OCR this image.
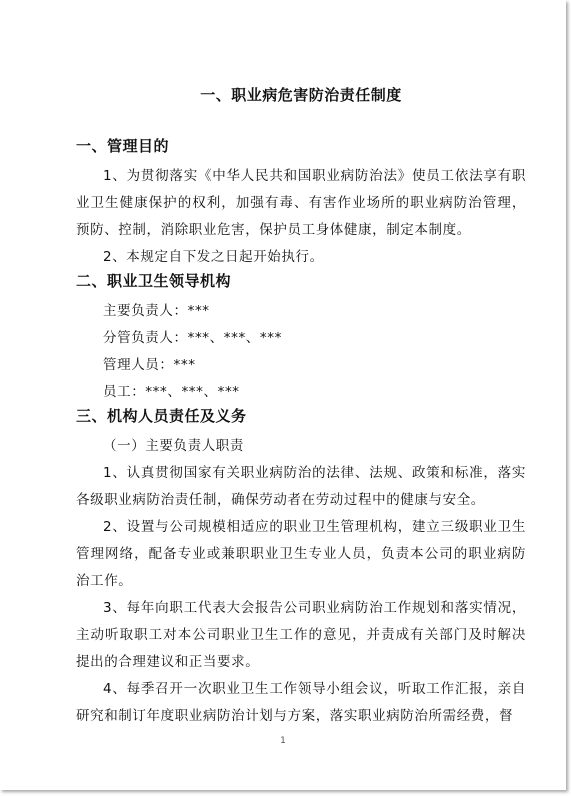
一、职业病危害防治责任制度
一、管理目的

1、为贯彻落实《中华人民共和国职业病防治法》使员工依法享有职业卫生健康保护的权利，加强有毒、有害作业场所的职业病防治管理，预防、控制，消除职业危害，保护员工身体健康，制定本制度。

2、本规定自下发之日起开始执行。

二、职业卫生领导机构

主要负责人：***

分管负责人：***、***、***

管理人员：***

员工：***、***、***

三、机构人员责任及义务

（一）主要负责人职责

1、认真贯彻国家有关职业病防治的法律、法规、政策和标准，落实各级职业病防治责任制，确保劳动者在劳动过程中的健康与安全。

2、设置与公司规模相适应的职业卫生管理机构，建立三级职业卫生管理网络，配备专业或兼职职业卫生专业人员，负责本公司的职业病防治工作。

3、每年向职工代表大会报告公司职业病防治工作规划和落实情况，主动听取职工对本公司职业卫生工作的意见，并责成有关部门及时解决提出的合理建议和正当要求。

4、每季召开一次职业卫生工作领导小组会议，听取工作汇报，亲自研究和制订年度职业病防治计划与方案，落实职业病防治所需经费，督

1
